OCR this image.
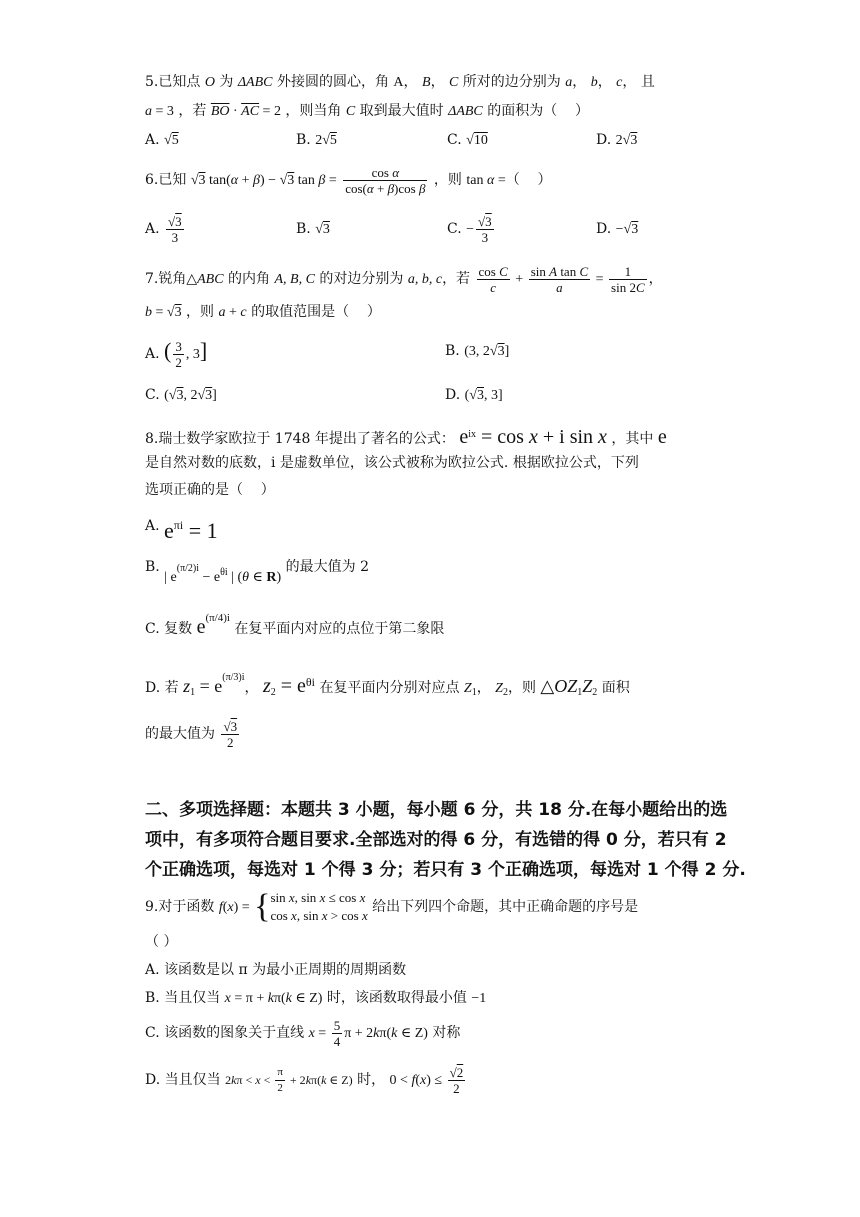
5.已知点 O 为 ΔABC 外接圆的圆心，角 A， B， C 所对的边分别为 a， b， c， 且
a = 3 ，若 $\overline{BO} \cdot \overline{AC} = 2$ ，则当角 C 取到最大值时 ΔABC 的面积为（    ）
A. √5	B. 2√5	C. √10	D. 2√3
6.已知 √3 tan(α + β) − √3 $\tan \beta = \frac{\text{cos α}}{\text{cos(α + β)cos β}}$ ，则 tan α =（    ）
A. $\frac{√3}{3}$	B. √3	C. − $\frac{√3}{3}$	D. −√3
7.锐角△ABC 的内角 A, B, C 的对边分别为 a, b, c，若 $\frac{\text{cos C}}{c} + \frac{\text{sin A tan C}}{a} = \frac{1}{\sin 2C}$ ，
b = √3 ，则 a + c 的取值范围是（    ）
A. ( $\frac{3}{2}$ , 3]	B. (3, 2√3]
C. (√3, 2√3]	D. (√3, 3]
8.瑞士数学家欧拉于 1748 年提出了著名的公式： $e^{ix} = \cos x + i$ sin x ，其中 e
是自然对数的底数，i 是虚数单位，该公式被称为欧拉公式. 根据欧拉公式，下列
选项正确的是（    ）
A. $e^{\pi i} = 1$
B. | $e^{(\pi/2)i} - e^{\theta i}$ | (θ ∈ R) 的最大值为 2
C. 复数 $e^{(\pi/4)i}$ 在复平面内对应的点位于第二象限
D. 若 $z_1 = e^{(\pi/3)i}$， $z_2 = e^{\theta i}$ 在复平面内分别对应点 $Z_1$， $Z_2$，则 $\triangle OZ_1Z_2$ 面积
的最大值为 $\frac{√3}{2}$
二、多项选择题：本题共 3 小题，每小题 6 分，共 18 分.在每小题给出的选
项中，有多项符合题目要求.全部选对的得 6 分，有选错的得 0 分，若只有 2
个正确选项，每选对 1 个得 3 分；若只有 3 个正确选项，每选对 1 个得 2 分.
9.对于函数 f(x) = { sin x, sin x ≤ cos x
cos x, sin x > cos x
给出下列四个命题，其中正确命题的序号是
（ ）
A. 该函数是以 π 为最小正周期的周期函数
B. 当且仅当 x = π + kπ(k ∈ Z) 时，该函数取得最小值 −1
C. 该函数的图象关于直线 $x = \frac{5}{4}$ π + 2kπ(k ∈ Z) 对称
D. 当且仅当 $2k\pi < x < \frac{\pi}{2} + 2k\pi(k$ ∈ Z) 时， $0 < f(x) \le \frac{√2}{2}$
